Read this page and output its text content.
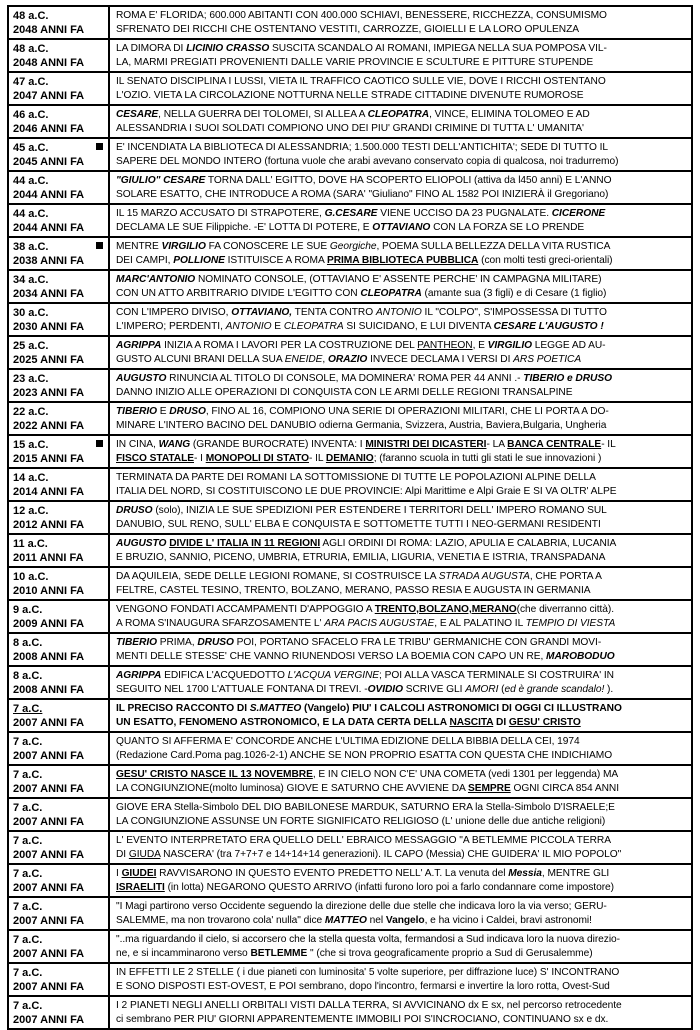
48 a.C.
2048 ANNI FA
ROMA E' FLORIDA; 600.000 ABITANTI CON 400.000 SCHIAVI, BENESSERE, RICCHEZZA, CONSUMISMO
SFRENATO DEI RICCHI CHE OSTENTANO VESTITI, CARROZZE, GIOIELLI E LA LORO OPULENZA
48 a.C.
2048 ANNI FA
LA DIMORA DI LICINIO CRASSO SUSCITA SCANDALO AI ROMANI, IMPIEGA NELLA SUA POMPOSA VIL-
LA, MARMI PREGIATI PROVENIENTI DALLE VARIE PROVINCIE E SCULTURE E PITTURE STUPENDE
47 a.C.
2047 ANNI FA
IL SENATO DISCIPLINA I LUSSI, VIETA IL TRAFFICO CAOTICO SULLE VIE, DOVE I RICCHI OSTENTANO
L'OZIO. VIETA LA CIRCOLAZIONE NOTTURNA NELLE STRADE CITTADINE DIVENUTE RUMOROSE
46 a.C.
2046 ANNI FA
CESARE, NELLA GUERRA DEI TOLOMEI, SI ALLEA A CLEOPATRA, VINCE, ELIMINA TOLOMEO E AD
ALESSANDRIA I SUOI SOLDATI COMPIONO UNO DEI PIU' GRANDI CRIMINE DI TUTTA L' UMANITA'
45 a.C.
2045 ANNI FA
E' INCENDIATA LA BIBLIOTECA DI ALESSANDRIA; 1.500.000 TESTI DELL'ANTICHITA'; SEDE DI TUTTO IL
SAPERE DEL MONDO INTERO (fortuna vuole che arabi avevano conservato copia di qualcosa, noi tradurremo)
44 a.C.
2044 ANNI FA
"GIULIO" CESARE TORNA DALL' EGITTO, DOVE HA SCOPERTO ELIOPOLI (attiva da l450 anni) E L'ANNO
SOLARE ESATTO, CHE INTRODUCE A ROMA (SARA' "Giuliano" FINO AL 1582 POI INIZIERÀ il Gregoriano)
44 a.C.
2044 ANNI FA
IL 15 MARZO ACCUSATO DI STRAPOTERE, G.CESARE VIENE UCCISO DA 23 PUGNALATE. CICERONE
DECLAMA LE SUE Filippiche. -E' LOTTA DI POTERE, E OTTAVIANO CON LA FORZA SE LO PRENDE
38 a.C.
2038 ANNI FA
MENTRE VIRGILIO FA CONOSCERE LE SUE Georgiche, POEMA SULLA BELLEZZA DELLA VITA RUSTICA
DEI CAMPI, POLLIONE ISTITUISCE A ROMA PRIMA BIBLIOTECA PUBBLICA (con molti testi greci-orientali)
34 a.C.
2034 ANNI FA
MARC'ANTONIO NOMINATO CONSOLE, (OTTAVIANO E' ASSENTE PERCHE' IN CAMPAGNA MILITARE)
CON UN ATTO ARBITRARIO DIVIDE L'EGITTO CON CLEOPATRA (amante sua (3 figli) e di Cesare (1 figlio)
30 a.C.
2030 ANNI FA
CON L'IMPERO DIVISO, OTTAVIANO, TENTA CONTRO ANTONIO IL "COLPO", S'IMPOSSESSA DI TUTTO
L'IMPERO; PERDENTI, ANTONIO E CLEOPATRA SI SUICIDANO, E LUI DIVENTA CESARE L'AUGUSTO !
25 a.C.
2025 ANNI FA
AGRIPPA INIZIA A ROMA I LAVORI PER LA COSTRUZIONE DEL PANTHEON, E VIRGILIO LEGGE AD AU-
GUSTO ALCUNI BRANI DELLA SUA ENEIDE, ORAZIO INVECE DECLAMA I VERSI DI ARS POETICA
23 a.C.
2023 ANNI FA
AUGUSTO RINUNCIA AL TITOLO DI CONSOLE, MA DOMINERA' ROMA PER 44 ANNI .- TIBERIO e DRUSO
DANNO INIZIO ALLE OPERAZIONI DI CONQUISTA CON LE ARMI DELLE REGIONI TRANSALPINE
22 a.C.
2022 ANNI FA
TIBERIO E DRUSO, FINO AL 16, COMPIONO UNA SERIE DI OPERAZIONI MILITARI, CHE LI PORTA A DO-
MINARE L'INTERO BACINO DEL DANUBIO odierna Germania, Svizzera, Austria, Baviera,Bulgaria, Ungheria
15 a.C.
2015 ANNI FA
IN CINA, WANG (GRANDE BUROCRATE) INVENTA: I MINISTRI DEI DICASTERI- LA BANCA CENTRALE- IL
FISCO STATALE- I MONOPOLI DI STATO- IL DEMANIO; (faranno scuola in tutti gli stati le sue innovazioni )
14 a.C.
2014 ANNI FA
TERMINATA DA PARTE DEI ROMANI LA SOTTOMISSIONE DI TUTTE LE POPOLAZIONI ALPINE DELLA
ITALIA DEL NORD, SI COSTITUISCONO LE DUE PROVINCIE: Alpi Marittime e Alpi Graie E SI VA OLTR' ALPE
12 a.C.
2012 ANNI FA
DRUSO (solo), INIZIA LE SUE SPEDIZIONI PER ESTENDERE I TERRITORI DELL' IMPERO ROMANO SUL
DANUBIO, SUL RENO, SULL' ELBA E CONQUISTA E SOTTOMETTE TUTTI I NEO-GERMANI RESIDENTI
11 a.C.
2011 ANNI FA
AUGUSTO DIVIDE L' ITALIA IN 11 REGIONI AGLI ORDINI DI ROMA: LAZIO, APULIA E CALABRIA, LUCANIA
E BRUZIO, SANNIO, PICENO, UMBRIA, ETRURIA, EMILIA, LIGURIA, VENETIA E ISTRIA, TRANSPADANA
10 a.C.
2010 ANNI FA
DA AQUILEIA, SEDE DELLE LEGIONI ROMANE, SI COSTRUISCE LA STRADA AUGUSTA, CHE PORTA A
FELTRE, CASTEL TESINO, TRENTO, BOLZANO, MERANO, PASSO RESIA E AUGUSTA IN GERMANIA
9 a.C.
2009 ANNI FA
VENGONO FONDATI ACCAMPAMENTI D'APPOGGIO A TRENTO,BOLZANO,MERANO(che diverranno città).
A ROMA S'INAUGURA SFARZOSAMENTE L' ARA PACIS AUGUSTAE, E AL PALATINO IL TEMPIO DI VIESTA
8 a.C.
2008 ANNI FA
TIBERIO PRIMA, DRUSO POI, PORTANO SFACELO FRA LE TRIBU' GERMANICHE CON GRANDI MOVI-
MENTI DELLE STESSE' CHE VANNO RIUNENDOSI VERSO LA BOEMIA CON CAPO UN RE, MAROBODUO
8 a.C.
2008 ANNI FA
AGRIPPA EDIFICA L'ACQUEDOTTO L'ACQUA VERGINE; POI ALLA VASCA TERMINALE SI COSTRUIRA' IN
SEGUITO NEL 1700 L'ATTUALE FONTANA DI TREVI. -OVIDIO SCRIVE GLI AMORI (ed è grande scandalo! ).
7 a.C.
2007 ANNI FA
IL PRECISO RACCONTO DI S.MATTEO (Vangelo) PIU' I CALCOLI ASTRONOMICI DI OGGI CI ILLUSTRANO
UN ESATTO, FENOMENO ASTRONOMICO, E LA DATA CERTA DELLA NASCITA DI GESU' CRISTO
7 a.C.
2007 ANNI FA
QUANTO SI AFFERMA E' CONCORDE ANCHE L'ULTIMA EDIZIONE DELLA BIBBIA DELLA CEI, 1974
(Redazione Card.Poma pag.1026-2-1) ANCHE SE NON PROPRIO ESATTA CON QUESTA CHE INDICHIAMO
7 a.C.
2007 ANNI FA
GESU' CRISTO NASCE IL 13 NOVEMBRE, E IN CIELO NON C'E' UNA COMETA (vedi 1301 per leggenda) MA
LA CONGIUNZIONE(molto luminosa) GIOVE E SATURNO CHE AVVIENE DA SEMPRE OGNI CIRCA 854 ANNI
7 a.C.
2007 ANNI FA
GIOVE ERA Stella-Simbolo DEL DIO BABILONESE MARDUK, SATURNO ERA la Stella-Simbolo D'ISRAELE;E
LA CONGIUNZIONE ASSUNSE UN FORTE SIGNIFICATO RELIGIOSO (L' unione delle due antiche religioni)
7 a.C.
2007 ANNI FA
L' EVENTO INTERPRETATO ERA QUELLO DELL' EBRAICO MESSAGGIO "A BETLEMME PICCOLA TERRA
DI GIUDA NASCERA' (tra 7+7+7 e 14+14+14 generazioni). IL CAPO (Messia) CHE GUIDERA' IL MIO POPOLO"
7 a.C.
2007 ANNI FA
I GIUDEI RAVVISARONO IN QUESTO EVENTO PREDETTO NELL' A.T. La venuta del Messia, MENTRE GLI
ISRAELITI (in lotta) NEGARONO QUESTO ARRIVO (infatti furono loro poi a farlo condannare come impostore)
7 a.C.
2007 ANNI FA
"I Magi partirono verso Occidente seguendo la direzione delle due stelle che indicava loro la via verso; GERU-
SALEMME, ma non trovarono cola' nulla" dice MATTEO nel Vangelo, e ha vicino i Caldei, bravi astronomi!
7 a.C.
2007 ANNI FA
"..ma riguardando il cielo, si accorsero che la stella questa volta, fermandosi a Sud indicava loro la nuova direzio-
ne, e si incamminarono verso BETLEMME " (che si trova geograficamente proprio a Sud di Gerusalemme)
7 a.C.
2007 ANNI FA
IN EFFETTI LE 2 STELLE ( i due pianeti con luminosita' 5 volte superiore, per diffrazione luce) S' INCONTRANO
E SONO DISPOSTI EST-OVEST, E POI sembrano, dopo l'incontro, fermarsi e invertire la loro rotta, Ovest-Sud
7 a.C.
2007 ANNI FA
I 2 PIANETI NEGLI ANELLI ORBITALI VISTI DALLA TERRA, SI AVVICINANO dx E sx, nel percorso retrocedente
ci sembrano PER PIU' GIORNI APPARENTEMENTE IMMOBILI POI S'INCROCIANO, CONTINUANO sx e dx.
